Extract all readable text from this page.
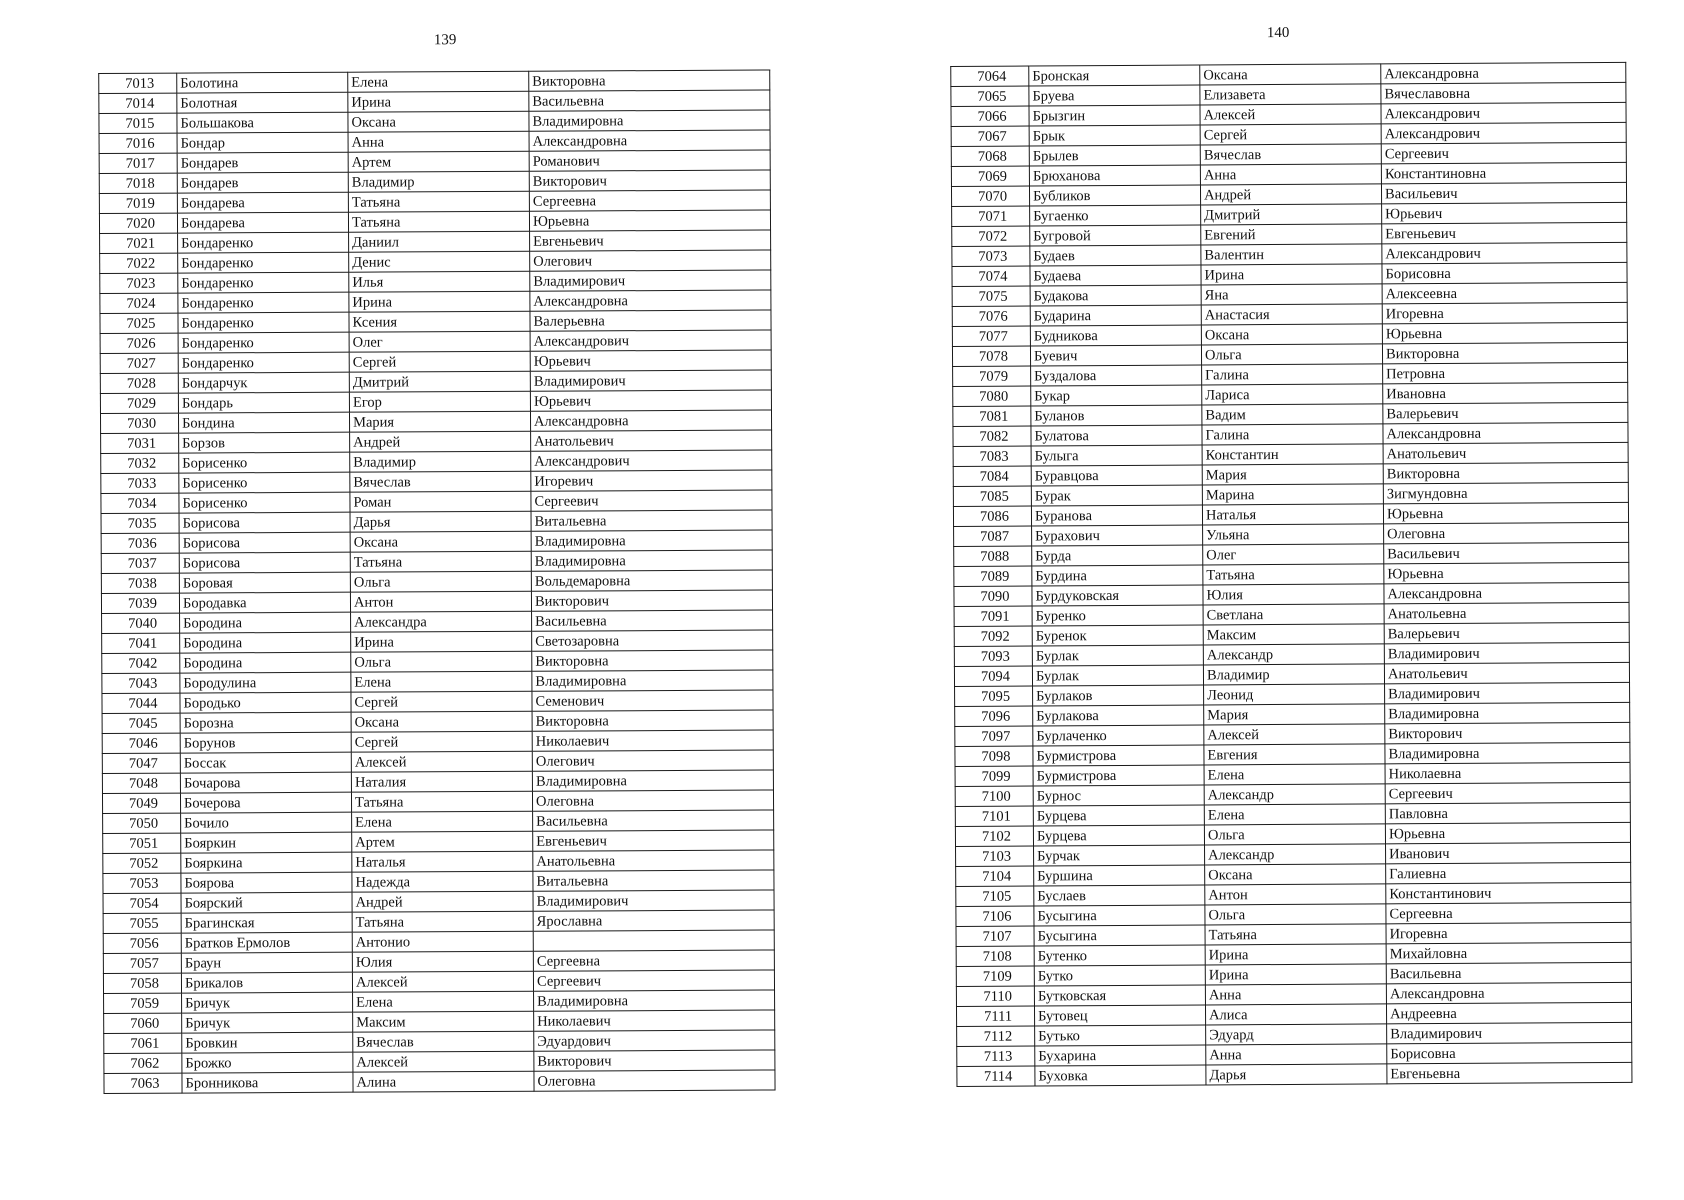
139
7013	Болотина	Елена	Викторовна
7014	Болотная	Ирина	Васильевна
7015	Большакова	Оксана	Владимировна
7016	Бондар	Анна	Александровна
7017	Бондарев	Артем	Романович
7018	Бондарев	Владимир	Викторович
7019	Бондарева	Татьяна	Сергеевна
7020	Бондарева	Татьяна	Юрьевна
7021	Бондаренко	Даниил	Евгеньевич
7022	Бондаренко	Денис	Олегович
7023	Бондаренко	Илья	Владимирович
7024	Бондаренко	Ирина	Александровна
7025	Бондаренко	Ксения	Валерьевна
7026	Бондаренко	Олег	Александрович
7027	Бондаренко	Сергей	Юрьевич
7028	Бондарчук	Дмитрий	Владимирович
7029	Бондарь	Егор	Юрьевич
7030	Бондина	Мария	Александровна
7031	Борзов	Андрей	Анатольевич
7032	Борисенко	Владимир	Александрович
7033	Борисенко	Вячеслав	Игоревич
7034	Борисенко	Роман	Сергеевич
7035	Борисова	Дарья	Витальевна
7036	Борисова	Оксана	Владимировна
7037	Борисова	Татьяна	Владимировна
7038	Боровая	Ольга	Вольдемаровна
7039	Бородавка	Антон	Викторович
7040	Бородина	Александра	Васильевна
7041	Бородина	Ирина	Светозаровна
7042	Бородина	Ольга	Викторовна
7043	Бородулина	Елена	Владимировна
7044	Бородько	Сергей	Семенович
7045	Борозна	Оксана	Викторовна
7046	Борунов	Сергей	Николаевич
7047	Боссак	Алексей	Олегович
7048	Бочарова	Наталия	Владимировна
7049	Бочерова	Татьяна	Олеговна
7050	Бочило	Елена	Васильевна
7051	Бояркин	Артем	Евгеньевич
7052	Бояркина	Наталья	Анатольевна
7053	Боярова	Надежда	Витальевна
7054	Боярский	Андрей	Владимирович
7055	Брагинская	Татьяна	Ярославна
7056	Братков Ермолов	Антонио	
7057	Браун	Юлия	Сергеевна
7058	Брикалов	Алексей	Сергеевич
7059	Бричук	Елена	Владимировна
7060	Бричук	Максим	Николаевич
7061	Бровкин	Вячеслав	Эдуардович
7062	Брожко	Алексей	Викторович
7063	Бронникова	Алина	Олеговна
140
7064	Бронская	Оксана	Александровна
7065	Бруева	Елизавета	Вячеславовна
7066	Брызгин	Алексей	Александрович
7067	Брык	Сергей	Александрович
7068	Брылев	Вячеслав	Сергеевич
7069	Брюханова	Анна	Константиновна
7070	Бубликов	Андрей	Васильевич
7071	Бугаенко	Дмитрий	Юрьевич
7072	Бугровой	Евгений	Евгеньевич
7073	Будаев	Валентин	Александрович
7074	Будаева	Ирина	Борисовна
7075	Будакова	Яна	Алексеевна
7076	Бударина	Анастасия	Игоревна
7077	Будникова	Оксана	Юрьевна
7078	Буевич	Ольга	Викторовна
7079	Буздалова	Галина	Петровна
7080	Букар	Лариса	Ивановна
7081	Буланов	Вадим	Валерьевич
7082	Булатова	Галина	Александровна
7083	Булыга	Константин	Анатольевич
7084	Буравцова	Мария	Викторовна
7085	Бурак	Марина	Зигмундовна
7086	Буранова	Наталья	Юрьевна
7087	Бурахович	Ульяна	Олеговна
7088	Бурда	Олег	Васильевич
7089	Бурдина	Татьяна	Юрьевна
7090	Бурдуковская	Юлия	Александровна
7091	Буренко	Светлана	Анатольевна
7092	Буренок	Максим	Валерьевич
7093	Бурлак	Александр	Владимирович
7094	Бурлак	Владимир	Анатольевич
7095	Бурлаков	Леонид	Владимирович
7096	Бурлакова	Мария	Владимировна
7097	Бурлаченко	Алексей	Викторович
7098	Бурмистрова	Евгения	Владимировна
7099	Бурмистрова	Елена	Николаевна
7100	Бурнос	Александр	Сергеевич
7101	Бурцева	Елена	Павловна
7102	Бурцева	Ольга	Юрьевна
7103	Бурчак	Александр	Иванович
7104	Буршина	Оксана	Галиевна
7105	Буслаев	Антон	Константинович
7106	Бусыгина	Ольга	Сергеевна
7107	Бусыгина	Татьяна	Игоревна
7108	Бутенко	Ирина	Михайловна
7109	Бутко	Ирина	Васильевна
7110	Бутковская	Анна	Александровна
7111	Бутовец	Алиса	Андреевна
7112	Бутько	Эдуард	Владимирович
7113	Бухарина	Анна	Борисовна
7114	Буховка	Дарья	Евгеньевна
